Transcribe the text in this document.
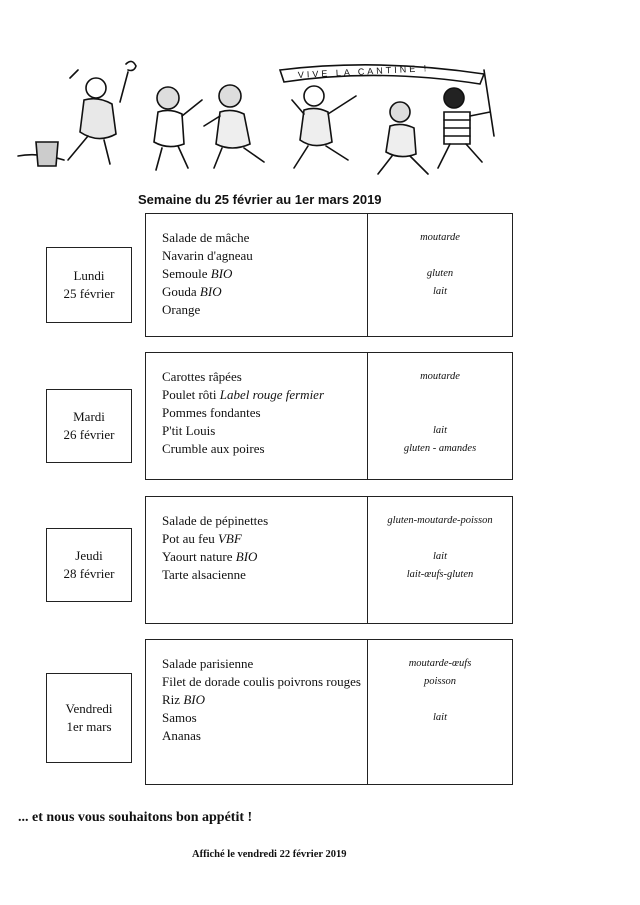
VIVE LA CANTINE !
Semaine du 25 février au 1er mars 2019
Lundi
25 février
Salade de mâche
Navarin d'agneau
Semoule BIO
Gouda BIO
Orange
moutarde
gluten
lait
Mardi
26 février
Carottes râpées
Poulet rôti Label rouge fermier
Pommes fondantes
P'tit Louis
Crumble aux poires
moutarde
lait
gluten - amandes
Jeudi
28 février
Salade de pépinettes
Pot au feu VBF
Yaourt nature BIO
Tarte alsacienne
gluten-moutarde-poisson
lait
lait-œufs-gluten
Vendredi
1er mars
Salade parisienne
Filet de dorade coulis poivrons rouges
Riz BIO
Samos
Ananas
moutarde-œufs
poisson
lait
... et nous vous souhaitons bon appétit !
Affiché le vendredi 22 février 2019
